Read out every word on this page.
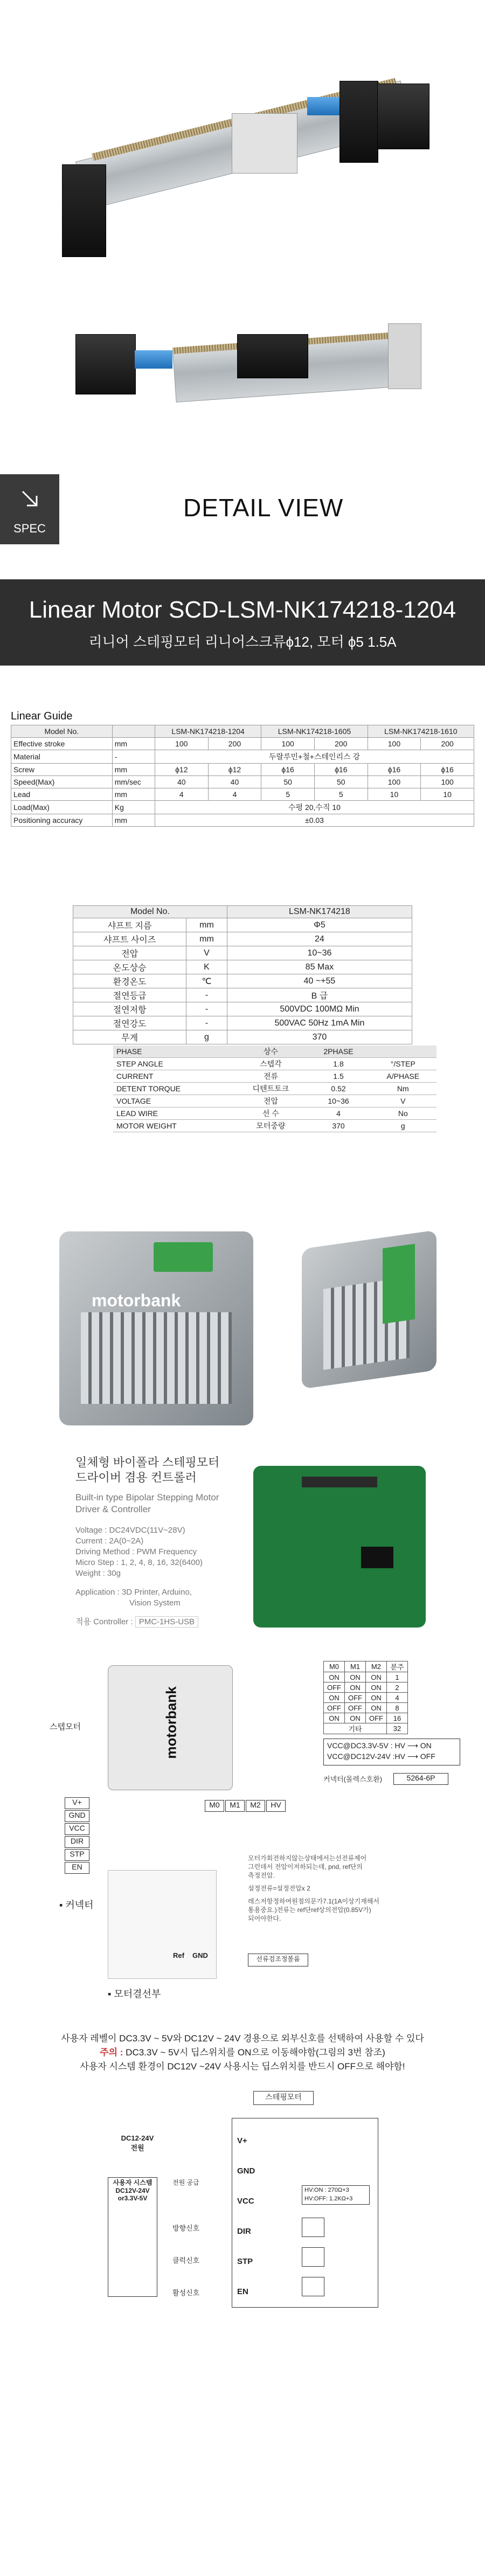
SPEC
DETAIL VIEW
Linear Motor SCD-LSM-NK174218-1204

리니어 스테핑모터 리니어스크류ϕ12, 모터 ϕ5 1.5A

Linear Guide
Model No.		LSM-NK174218-1204		LSM-NK174218-1605		LSM-NK174218-1610	
Effective stroke	mm	100	200	100	200	100	200
Material	-	두랄루민+철+스테인리스 강					
Screw	mm	ϕ12	ϕ12	ϕ16	ϕ16	ϕ16	ϕ16
Speed(Max)	mm/sec	40	40	50	50	100	100
Lead	mm	4	4	5	5	10	10
Load(Max)	Kg	수평 20,수직 10					
Positioning accuracy	mm	±0.03					
Model No.		LSM-NK174218
샤프트 지름	mm	Φ5
샤프트 사이즈	mm	24
전압	V	10~36
온도상승	K	85 Max
환경온도	℃	40 ~+55
절연등급	-	B 급
절연저항	-	500VDC 100MΩ Min
절연강도	-	500VAC 50Hz 1mA Min
무게	g	370
PHASE	상수	2PHASE	
STEP ANGLE	스텝각	1.8	°/STEP
CURRENT	전류	1.5	A/PHASE
DETENT TORQUE	디텐트토크	0.52	Nm
VOLTAGE	전압	10~36	V
LEAD WIRE	선 수	4	No
MOTOR WEIGHT	모터중량	370	g
motorbank
일체형 바이폴라 스테핑모터
드라이버 겸용 컨트롤러
Built-in type Bipolar Stepping Motor
Driver & Controller
Voltage : DC24VDC(11V~28V)
Current : 2A(0~2A)
Driving Method : PWM Frequency
Micro Step : 1, 2, 4, 8, 16, 32(6400)
Weight : 30g
Application : 3D Printer, Arduino,
Vision System
적용 Controller : PMC-1HS-USB
motorbank
스텝모터
V+
GND
VCC
DIR
STP
EN
M0	M1	M2	HV
M0	M1	M2	분주
ON	ON	ON	1
OFF	ON	ON	2
ON	OFF	ON	4
OFF	OFF	ON	8
ON	ON	OFF	16
기타			32
VCC@DC3.3V-5V : HV ⟶ ON
VCC@DC12V-24V :HV ⟶ OFF
커넥터(몰렉스호환)	5264-6P
Ref GND
▪ 커넥터
▪ 모터결선부
선류검조정볼륨
모터가회전하지않는상태에서는선전류제어
그런데서 전압이저하되는데, pnd, ref단의
측정전압.
설정전류=설정전압x 2
레스저항정하여원점의문가7.1(1A이상기재해서
통용중요.)전류는 ref단ref상의전압(0.85V가)
되어야한다.
사용자 레벨이 DC3.3V ~ 5V와 DC12V ~ 24V 경용으로 외부신호를 선택하여 사용할 수 있다
주의 : DC3.3V ~ 5V시 딥스위치를 ON으로 이동해야함(그림의 3번 참조)
사용자 시스템 환경이 DC12V ~24V 사용시는 딥스위치를 반드시 OFF으로 해야함!
스테핑모터
DC12-24V
전원
사용자 시스템
DC12V-24V
or3.3V-5V
전원 공급
방향신호
클럭신호
활성신호
V+
GND
VCC
DIR
STP
EN
HV:ON : 270Ω+3
HV:OFF: 1.2KΩ+3
